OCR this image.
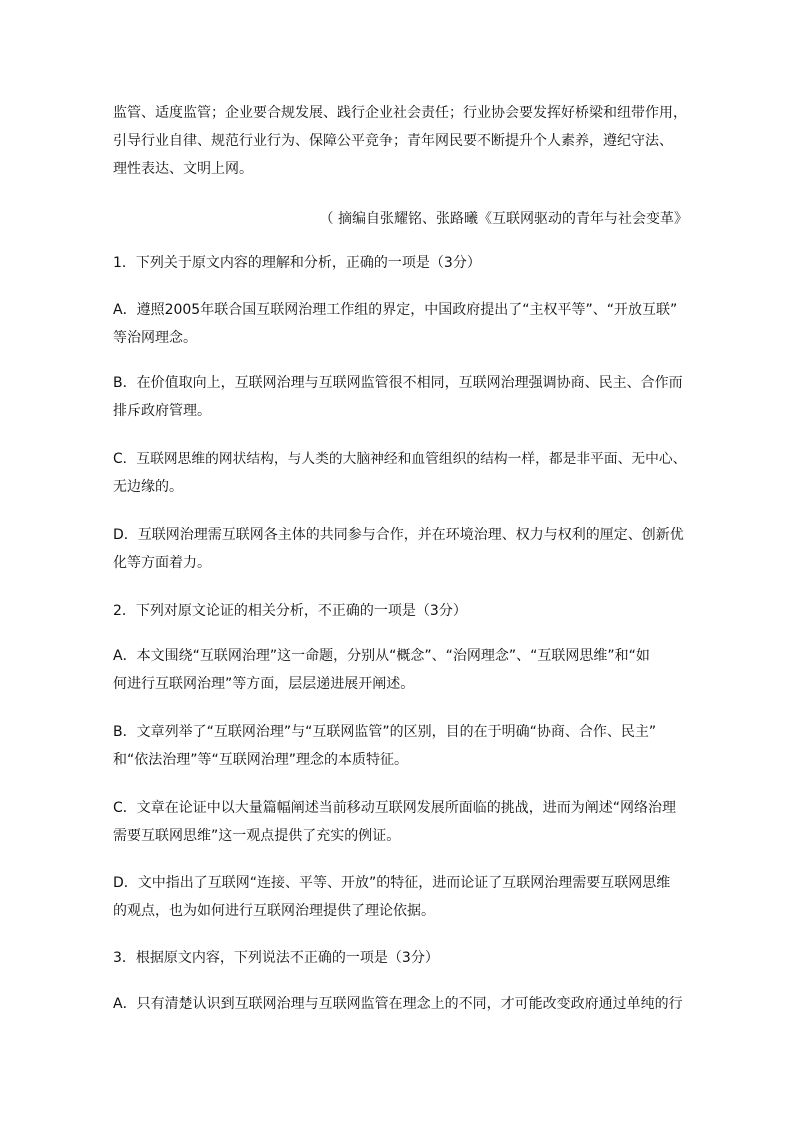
监管、适度监管；企业要合规发展、践行企业社会责任；行业协会要发挥好桥梁和纽带作用，
引导行业自律、规范行业行为、保障公平竞争；青年网民要不断提升个人素养，遵纪守法、
理性表达、文明上网。
（ 摘编自张耀铭、张路曦《互联网驱动的青年与社会变革》
1．下列关于原文内容的理解和分析，正确的一项是（3分）
A．遵照2005年联合国互联网治理工作组的界定，中国政府提出了“主权平等”、“开放互联”
等治网理念。
B．在价值取向上，互联网治理与互联网监管很不相同，互联网治理强调协商、民主、合作而
排斥政府管理。
C．互联网思维的网状结构，与人类的大脑神经和血管组织的结构一样，都是非平面、无中心、
无边缘的。
D．互联网治理需互联网各主体的共同参与合作，并在环境治理、权力与权利的厘定、创新优
化等方面着力。
2．下列对原文论证的相关分析，不正确的一项是（3分）
A．本文围绕“互联网治理”这一命题，分别从“概念”、“治网理念”、“互联网思维”和“如
何进行互联网治理”等方面，层层递进展开阐述。
B．文章列举了“互联网治理”与“互联网监管”的区别，目的在于明确“协商、合作、民主”
和“依法治理”等“互联网治理”理念的本质特征。
C．文章在论证中以大量篇幅阐述当前移动互联网发展所面临的挑战，进而为阐述“网络治理
需要互联网思维”这一观点提供了充实的例证。
D．文中指出了互联网“连接、平等、开放”的特征，进而论证了互联网治理需要互联网思维
的观点，也为如何进行互联网治理提供了理论依据。
3．根据原文内容，下列说法不正确的一项是（3分）
A．只有清楚认识到互联网治理与互联网监管在理念上的不同，才可能改变政府通过单纯的行
